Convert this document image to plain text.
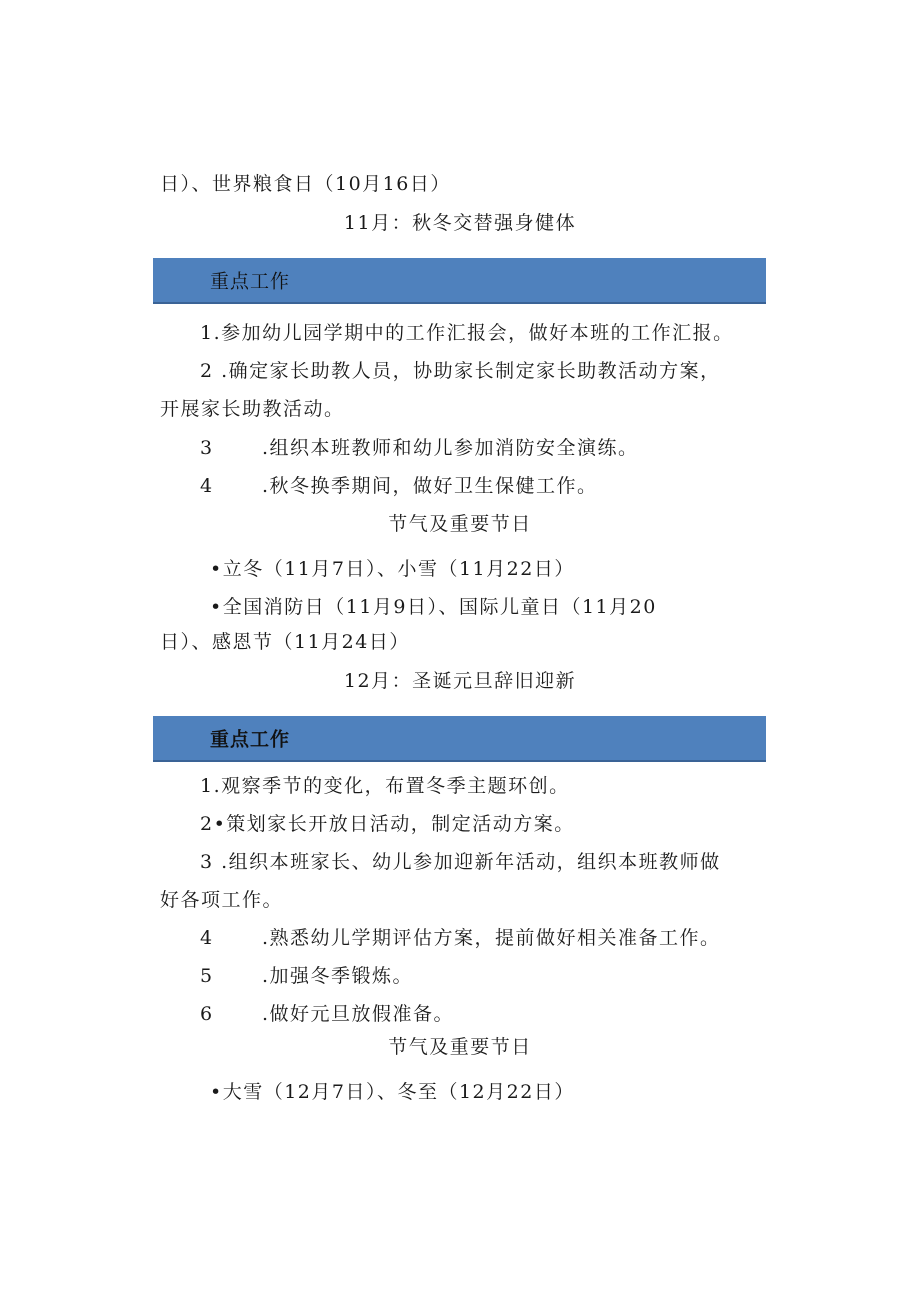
日）、世界粮食日（10月16日）
11月：秋冬交替强身健体
重点工作
1.参加幼儿园学期中的工作汇报会，做好本班的工作汇报。
2 .确定家长助教人员，协助家长制定家长助教活动方案，
开展家长助教活动。
3	.组织本班教师和幼儿参加消防安全演练。
4	.秋冬换季期间，做好卫生保健工作。
节气及重要节日
•立冬（11月7日）、小雪（11月22日）
•全国消防日（11月9日）、国际儿童日（11月20
日）、感恩节（11月24日）
12月：圣诞元旦辞旧迎新
重点工作
1.观察季节的变化，布置冬季主题环创。
2•策划家长开放日活动，制定活动方案。
3 .组织本班家长、幼儿参加迎新年活动，组织本班教师做
好各项工作。
4	.熟悉幼儿学期评估方案，提前做好相关准备工作。
5	.加强冬季锻炼。
6	.做好元旦放假准备。
节气及重要节日
•大雪（12月7日）、冬至（12月22日）
